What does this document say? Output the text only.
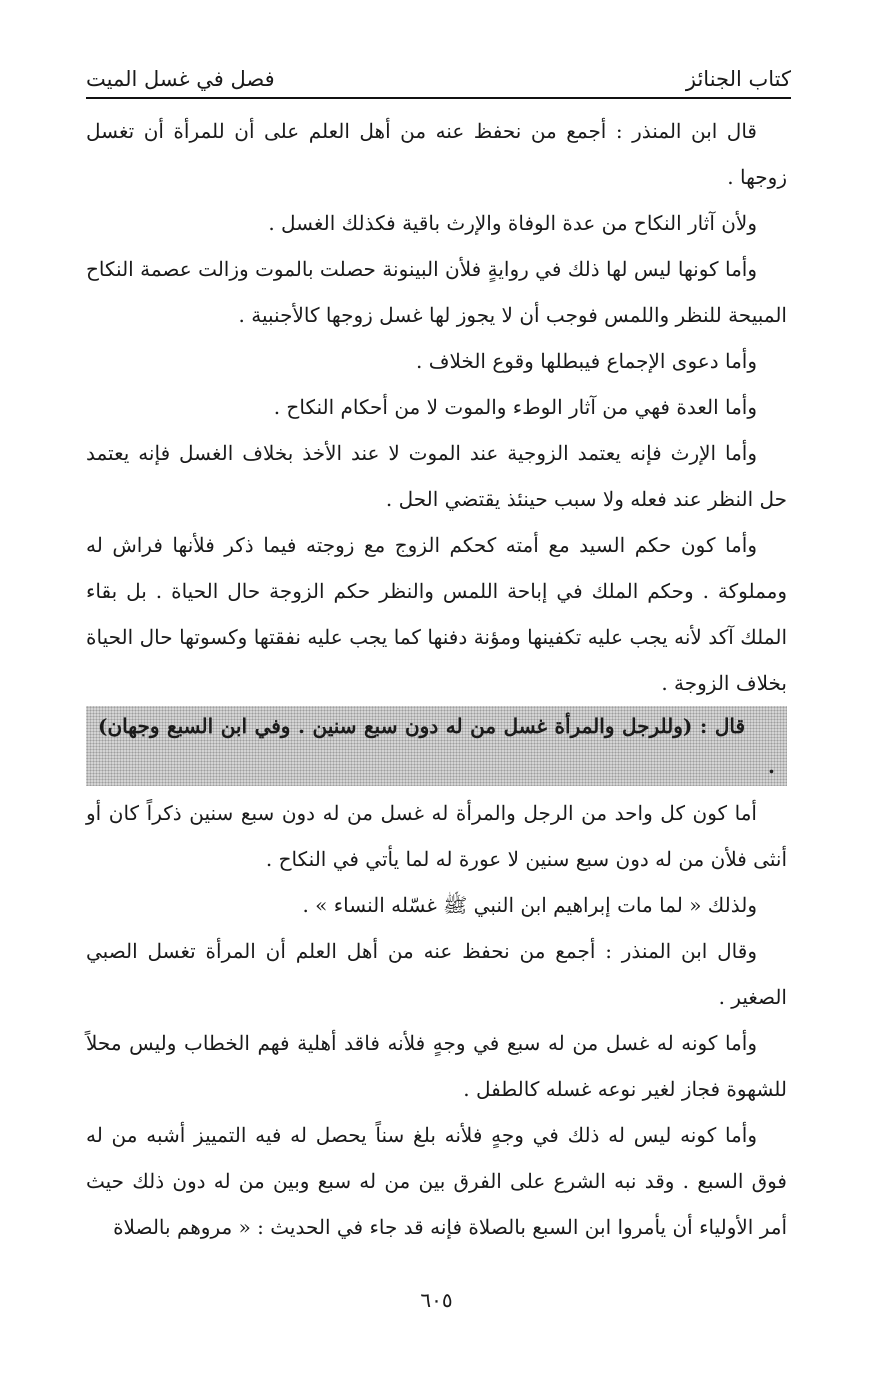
كتاب الجنائز
فصل في غسل الميت

قال ابن المنذر : أجمع من نحفظ عنه من أهل العلم على أن للمرأة أن تغسل زوجها .

ولأن آثار النكاح من عدة الوفاة والإرث باقية فكذلك الغسل .

وأما كونها ليس لها ذلك في روايةٍ فلأن البينونة حصلت بالموت وزالت عصمة النكاح المبيحة للنظر واللمس فوجب أن لا يجوز لها غسل زوجها كالأجنبية .

وأما دعوى الإجماع فيبطلها وقوع الخلاف .

وأما العدة فهي من آثار الوطء والموت لا من أحكام النكاح .

وأما الإرث فإنه يعتمد الزوجية عند الموت لا عند الأخذ بخلاف الغسل فإنه يعتمد حل النظر عند فعله ولا سبب حينئذ يقتضي الحل .

وأما كون حكم السيد مع أمته كحكم الزوج مع زوجته فيما ذكر فلأنها فراش له ومملوكة . وحكم الملك في إباحة اللمس والنظر حكم الزوجة حال الحياة . بل بقاء الملك آكد لأنه يجب عليه تكفينها ومؤنة دفنها كما يجب عليه نفقتها وكسوتها حال الحياة بخلاف الزوجة .

قال : (وللرجل والمرأة غسل من له دون سبع سنين . وفي ابن السبع وجهان) .

أما كون كل واحد من الرجل والمرأة له غسل من له دون سبع سنين ذكراً كان أو أنثى فلأن من له دون سبع سنين لا عورة له لما يأتي في النكاح .

ولذلك « لما مات إبراهيم ابن النبي ﷺ غسّله النساء » .

وقال ابن المنذر : أجمع من نحفظ عنه من أهل العلم أن المرأة تغسل الصبي الصغير .

وأما كونه له غسل من له سبع في وجهٍ فلأنه فاقد أهلية فهم الخطاب وليس محلاً للشهوة فجاز لغير نوعه غسله كالطفل .

وأما كونه ليس له ذلك في وجهٍ فلأنه بلغ سناً يحصل له فيه التمييز أشبه من له فوق السبع . وقد نبه الشرع على الفرق بين من له سبع وبين من له دون ذلك حيث أمر الأولياء أن يأمروا ابن السبع بالصلاة فإنه قد جاء في الحديث : « مروهم بالصلاة

٦٠٥
